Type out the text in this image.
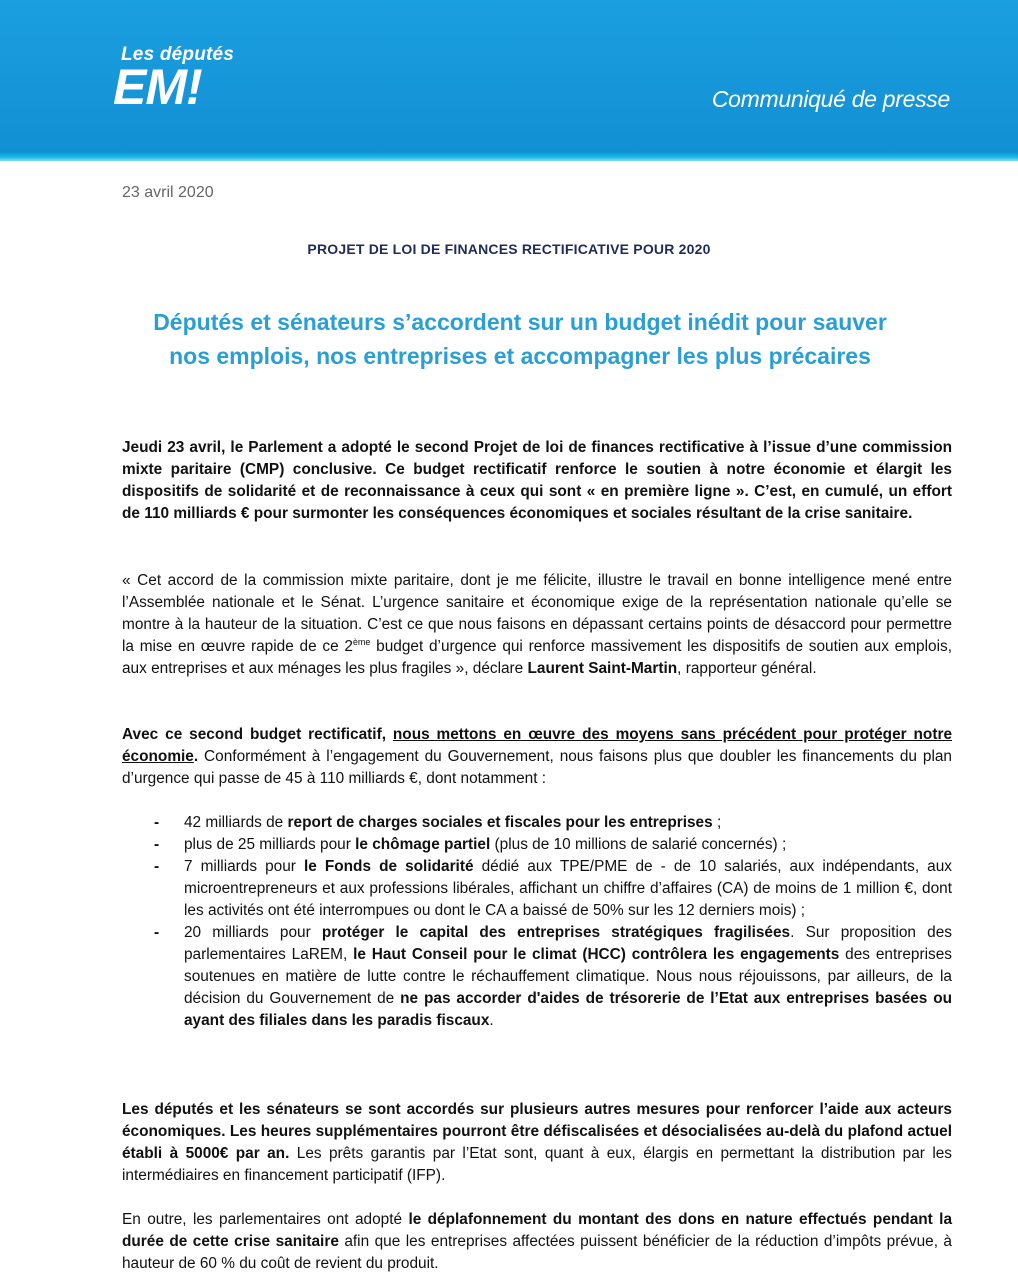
Les députés
EM!	Communiqué de presse
23 avril 2020
PROJET DE LOI DE FINANCES RECTIFICATIVE POUR 2020
Députés et sénateurs s’accordent sur un budget inédit pour sauver nos emplois, nos entreprises et accompagner les plus précaires
Jeudi 23 avril, le Parlement a adopté le second Projet de loi de finances rectificative à l’issue d’une commission mixte paritaire (CMP) conclusive. Ce budget rectificatif renforce le soutien à notre économie et élargit les dispositifs de solidarité et de reconnaissance à ceux qui sont « en première ligne ». C’est, en cumulé, un effort de 110 milliards € pour surmonter les conséquences économiques et sociales résultant de la crise sanitaire.
« Cet accord de la commission mixte paritaire, dont je me félicite, illustre le travail en bonne intelligence mené entre l’Assemblée nationale et le Sénat. L’urgence sanitaire et économique exige de la représentation nationale qu’elle se montre à la hauteur de la situation. C’est ce que nous faisons en dépassant certains points de désaccord pour permettre la mise en œuvre rapide de ce 2ème budget d’urgence qui renforce massivement les dispositifs de soutien aux emplois, aux entreprises et aux ménages les plus fragiles », déclare Laurent Saint-Martin, rapporteur général.
Avec ce second budget rectificatif, nous mettons en œuvre des moyens sans précédent pour protéger notre économie. Conformément à l’engagement du Gouvernement, nous faisons plus que doubler les financements du plan d’urgence qui passe de 45 à 110 milliards €, dont notamment :
- 42 milliards de report de charges sociales et fiscales pour les entreprises ;
- plus de 25 milliards pour le chômage partiel (plus de 10 millions de salarié concernés) ;
- 7 milliards pour le Fonds de solidarité dédié aux TPE/PME de - de 10 salariés, aux indépendants, aux microentrepreneurs et aux professions libérales, affichant un chiffre d’affaires (CA) de moins de 1 million €, dont les activités ont été interrompues ou dont le CA a baissé de 50% sur les 12 derniers mois) ;
- 20 milliards pour protéger le capital des entreprises stratégiques fragilisées. Sur proposition des parlementaires LaREM, le Haut Conseil pour le climat (HCC) contrôlera les engagements des entreprises soutenues en matière de lutte contre le réchauffement climatique. Nous nous réjouissons, par ailleurs, de la décision du Gouvernement de ne pas accorder d'aides de trésorerie de l’Etat aux entreprises basées ou ayant des filiales dans les paradis fiscaux.
Les députés et les sénateurs se sont accordés sur plusieurs autres mesures pour renforcer l’aide aux acteurs économiques. Les heures supplémentaires pourront être défiscalisées et désocialisées au-delà du plafond actuel établi à 5000€ par an. Les prêts garantis par l’Etat sont, quant à eux, élargis en permettant la distribution par les intermédiaires en financement participatif (IFP).
En outre, les parlementaires ont adopté le déplafonnement du montant des dons en nature effectués pendant la durée de cette crise sanitaire afin que les entreprises affectées puissent bénéficier de la réduction d’impôts prévue, à hauteur de 60 % du coût de revient du produit.
